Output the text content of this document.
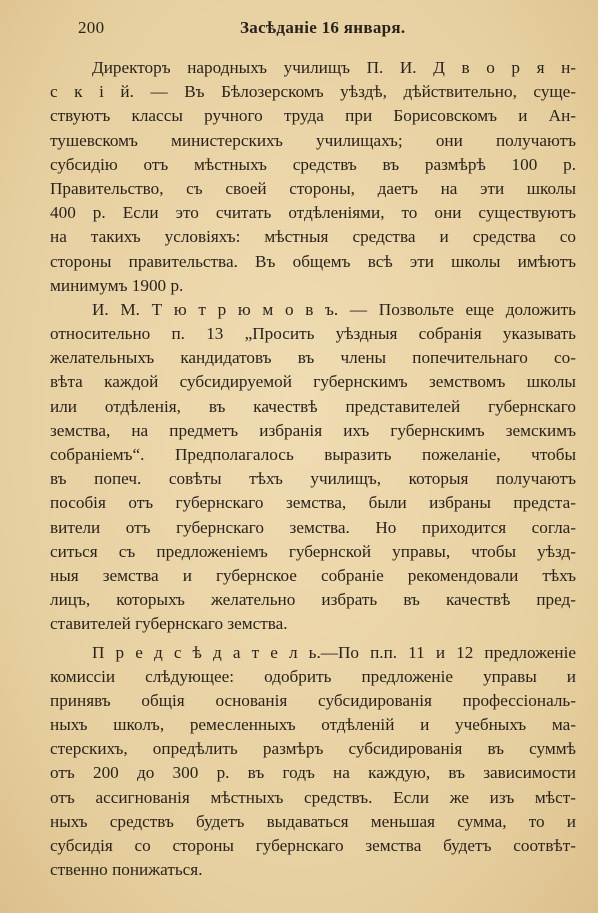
200	Засѣданіе 16 января.
Директоръ народныхъ училищъ П. И. Д в о р я н-
с к і й. — Въ Бѣлозерскомъ уѣздѣ, дѣйствительно, суще-
ствуютъ классы ручного труда при Борисовскомъ и Ан-
тушевскомъ министерскихъ училищахъ; они получаютъ
субсидію отъ мѣстныхъ средствъ въ размѣрѣ 100 р.
Правительство, съ своей стороны, даетъ на эти школы
400 р. Если это считать отдѣленіями, то они существуютъ
на такихъ условіяхъ: мѣстныя средства и средства со
стороны правительства. Въ общемъ всѣ эти школы имѣютъ
минимумъ 1900 р.
И. М. Т ю т р ю м о в ъ. — Позвольте еще доложить
относительно п. 13 „Просить уѣздныя собранія указывать
желательныхъ кандидатовъ въ члены попечительнаго со-
вѣта каждой субсидируемой губернскимъ земствомъ школы
или отдѣленія, въ качествѣ представителей губернскаго
земства, на предметъ избранія ихъ губернскимъ земскимъ
собраніемъ“. Предполагалось выразить пожеланіе, чтобы
въ попеч. совѣты тѣхъ училищъ, которыя получаютъ
пособія отъ губернскаго земства, были избраны предста-
вители отъ губернскаго земства. Но приходится согла-
ситься съ предложеніемъ губернской управы, чтобы уѣзд-
ныя земства и губернское собраніе рекомендовали тѣхъ
лицъ, которыхъ желательно избрать въ качествѣ пред-
ставителей губернскаго земства.
П р е д с ѣ д а т е л ь.—По п.п. 11 и 12 предложеніе
комиссіи слѣдующее: одобрить предложеніе управы и
принявъ общія основанія субсидированія профессіональ-
ныхъ школъ, ремесленныхъ отдѣленій и учебныхъ ма-
стерскихъ, опредѣлить размѣръ субсидированія въ суммѣ
отъ 200 до 300 р. въ годъ на каждую, въ зависимости
отъ ассигнованія мѣстныхъ средствъ. Если же изъ мѣст-
ныхъ средствъ будетъ выдаваться меньшая сумма, то и
субсидія со стороны губернскаго земства будетъ соотвѣт-
ственно понижаться.
